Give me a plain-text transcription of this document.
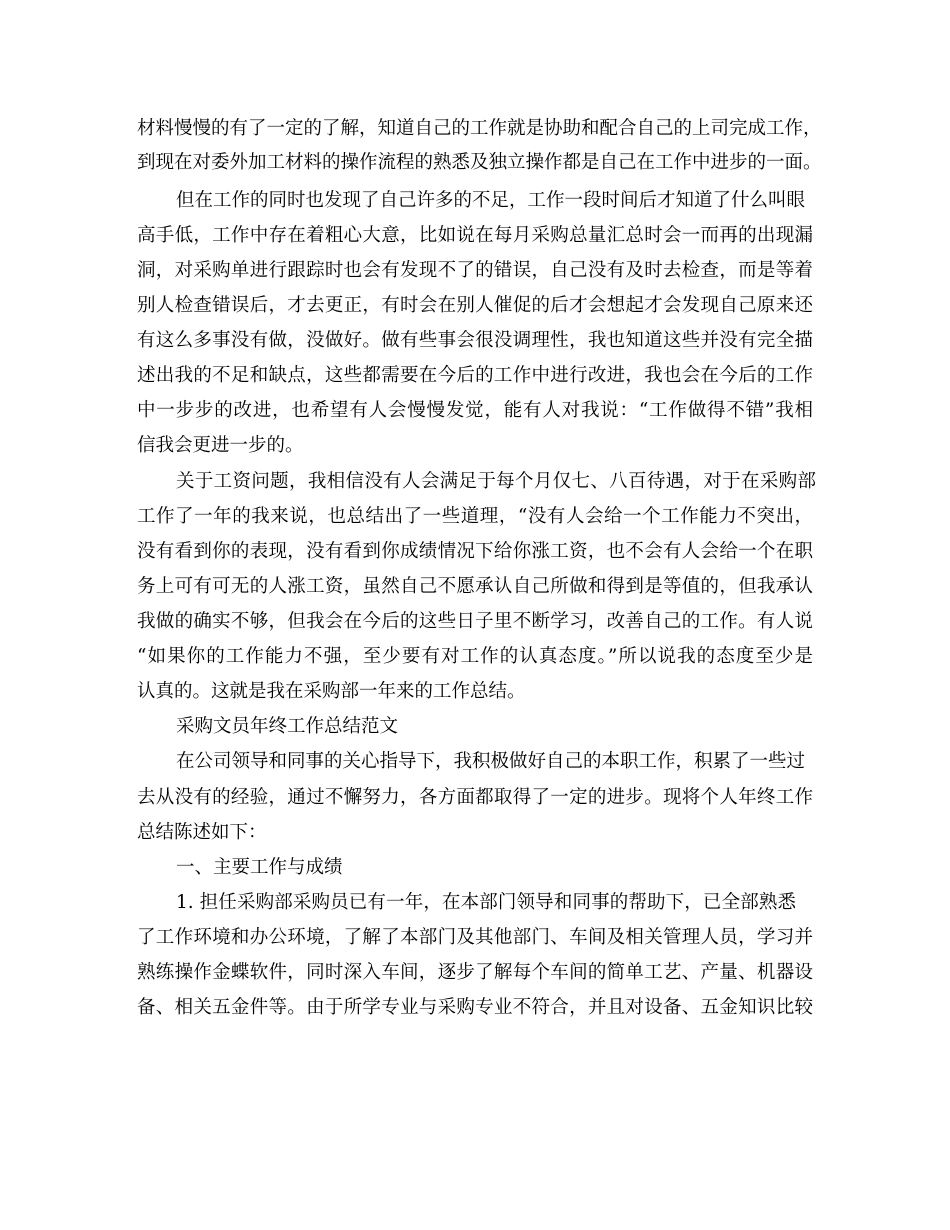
材料慢慢的有了一定的了解，知道自己的工作就是协助和配合自己的上司完成工作，
到现在对委外加工材料的操作流程的熟悉及独立操作都是自己在工作中进步的一面。
但在工作的同时也发现了自己许多的不足，工作一段时间后才知道了什么叫眼
高手低，工作中存在着粗心大意，比如说在每月采购总量汇总时会一而再的出现漏
洞，对采购单进行跟踪时也会有发现不了的错误，自己没有及时去检查，而是等着
别人检查错误后，才去更正，有时会在别人催促的后才会想起才会发现自己原来还
有这么多事没有做，没做好。做有些事会很没调理性，我也知道这些并没有完全描
述出我的不足和缺点，这些都需要在今后的工作中进行改进，我也会在今后的工作
中一步步的改进，也希望有人会慢慢发觉，能有人对我说：“工作做得不错”我相
信我会更进一步的。
关于工资问题，我相信没有人会满足于每个月仅七、八百待遇，对于在采购部
工作了一年的我来说，也总结出了一些道理，“没有人会给一个工作能力不突出，
没有看到你的表现，没有看到你成绩情况下给你涨工资，也不会有人会给一个在职
务上可有可无的人涨工资，虽然自己不愿承认自己所做和得到是等值的，但我承认
我做的确实不够，但我会在今后的这些日子里不断学习，改善自己的工作。有人说
“如果你的工作能力不强，至少要有对工作的认真态度。”所以说我的态度至少是
认真的。这就是我在采购部一年来的工作总结。
采购文员年终工作总结范文
在公司领导和同事的关心指导下，我积极做好自己的本职工作，积累了一些过
去从没有的经验，通过不懈努力，各方面都取得了一定的进步。现将个人年终工作
总结陈述如下：
一、主要工作与成绩
1. 担任采购部采购员已有一年，在本部门领导和同事的帮助下，已全部熟悉
了工作环境和办公环境，了解了本部门及其他部门、车间及相关管理人员，学习并
熟练操作金蝶软件，同时深入车间，逐步了解每个车间的简单工艺、产量、机器设
备、相关五金件等。由于所学专业与采购专业不符合，并且对设备、五金知识比较
